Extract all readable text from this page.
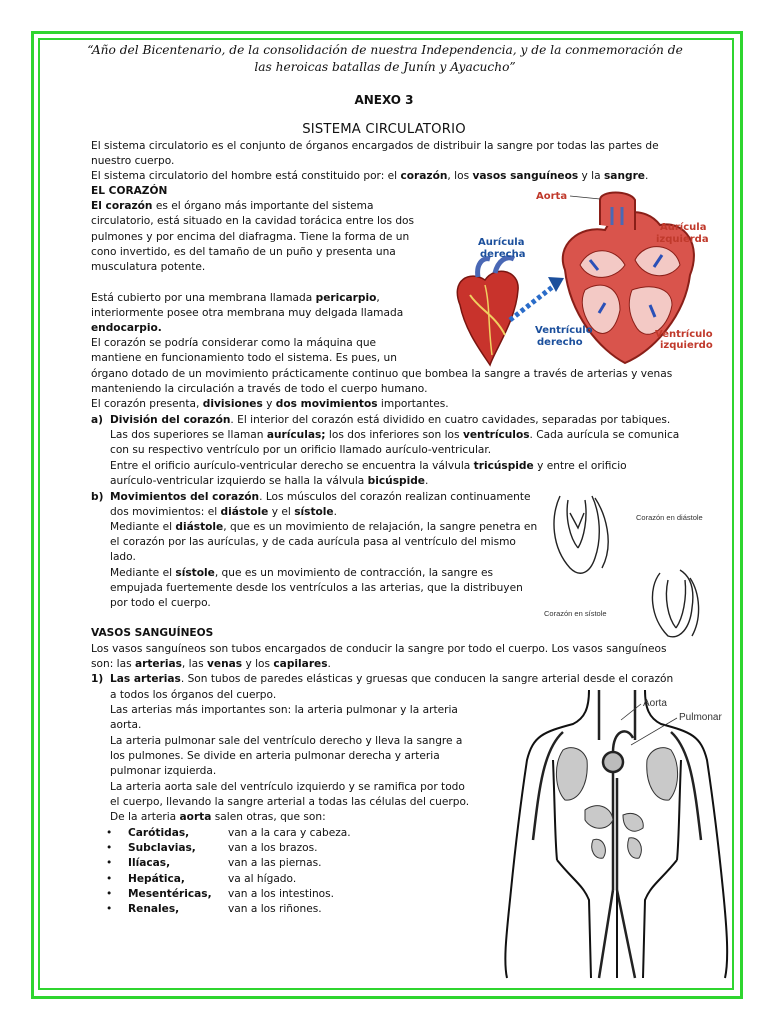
“Año del Bicentenario, de la consolidación de nuestra Independencia, y de la conmemoración de las heroicas batallas de Junín y Ayacucho”
ANEXO 3
SISTEMA CIRCULATORIO
El sistema circulatorio es el conjunto de órganos encargados de distribuir la sangre por todas las partes de
nuestro cuerpo.
El sistema circulatorio del hombre está constituido por: el corazón, los vasos sanguíneos y la sangre.
EL CORAZÓN
El corazón es el órgano más importante del sistema
circulatorio, está situado en la cavidad torácica entre los dos
pulmones y por encima del diafragma. Tiene la forma de un
cono invertido, es del tamaño de un puño y presenta una
musculatura potente.
Está cubierto por una membrana llamada pericarpio,
interiormente posee otra membrana muy delgada llamada
endocarpio.
El corazón se podría considerar como la máquina que
mantiene en funcionamiento todo el sistema. Es pues, un
órgano dotado de un movimiento prácticamente continuo que bombea la sangre a través de arterias y venas
manteniendo la circulación a través de todo el cuerpo humano.
El corazón presenta, divisiones y dos movimientos importantes.
a) División del corazón. El interior del corazón está dividido en cuatro cavidades, separadas por tabiques.
Las dos superiores se llaman aurículas; los dos inferiores son los ventrículos. Cada aurícula se comunica
con su respectivo ventrículo por un orificio llamado aurículo-ventricular.
Entre el orificio aurículo-ventricular derecho se encuentra la válvula tricúspide y entre el orificio
aurículo-ventricular izquierdo se halla la válvula bicúspide.
b) Movimientos del corazón. Los músculos del corazón realizan continuamente
dos movimientos: el diástole y el sístole.
Mediante el diástole, que es un movimiento de relajación, la sangre penetra en
el corazón por las aurículas, y de cada aurícula pasa al ventrículo del mismo
lado.
Mediante el sístole, que es un movimiento de contracción, la sangre es
empujada fuertemente desde los ventrículos a las arterias, que la distribuyen
por todo el cuerpo.
VASOS SANGUÍNEOS
Los vasos sanguíneos son tubos encargados de conducir la sangre por todo el cuerpo. Los vasos sanguíneos
son: las arterias, las venas y los capilares.
1) Las arterias. Son tubos de paredes elásticas y gruesas que conducen la sangre arterial desde el corazón
a todos los órganos del cuerpo.
Las arterias más importantes son: la arteria pulmonar y la arteria
aorta.
La arteria pulmonar sale del ventrículo derecho y lleva la sangre a
los pulmones. Se divide en arteria pulmonar derecha y arteria
pulmonar izquierda.
La arteria aorta sale del ventrículo izquierdo y se ramifica por todo
el cuerpo, llevando la sangre arterial a todas las células del cuerpo.
De la arteria aorta salen otras, que son:
•	Carótidas,	van a la cara y cabeza.
•	Subclavias,	van a los brazos.
•	Ilíacas,	van a las piernas.
•	Hepática,	va al hígado.
•	Mesentéricas,	van a los intestinos.
•	Renales,	van a los riñones.
Aorta
Aurícula
derecha
Aurícula
izquierda
Ventrículo
derecho
Ventrículo
izquierdo
Corazón en diástole
Corazón en sístole
Aorta
Pulmonar
